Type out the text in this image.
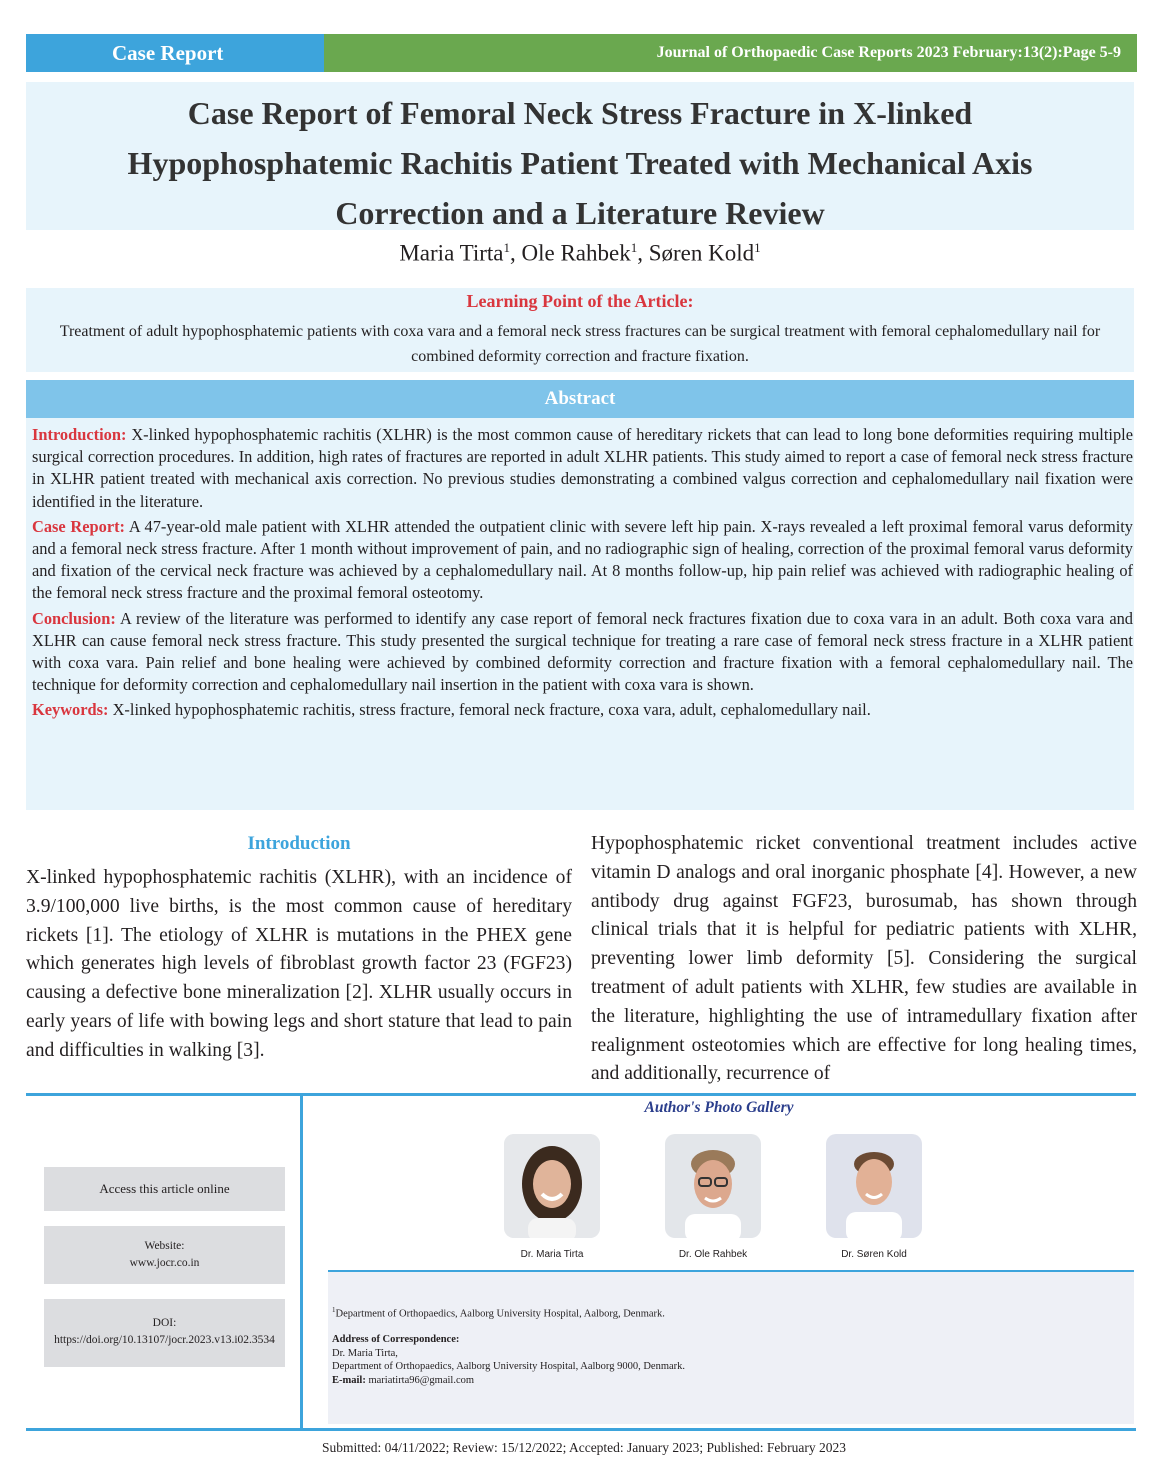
Case Report	Journal of Orthopaedic Case Reports 2023 February:13(2):Page 5-9
Case Report of Femoral Neck Stress Fracture in X-linked
Hypophosphatemic Rachitis Patient Treated with Mechanical Axis
Correction and a Literature Review
Maria Tirta$^1$, Ole Rahbek$^1$, Søren Kold$^1$
Learning Point of the Article:
Treatment of adult hypophosphatemic patients with coxa vara and a femoral neck stress fractures can be surgical treatment with femoral cephalomedullary nail for combined deformity correction and fracture fixation.
Abstract

Introduction: X-linked hypophosphatemic rachitis (XLHR) is the most common cause of hereditary rickets that can lead to long bone deformities requiring multiple surgical correction procedures. In addition, high rates of fractures are reported in adult XLHR patients. This study aimed to report a case of femoral neck stress fracture in XLHR patient treated with mechanical axis correction. No previous studies demonstrating a combined valgus correction and cephalomedullary nail fixation were identified in the literature.

Case Report: A 47-year-old male patient with XLHR attended the outpatient clinic with severe left hip pain. X-rays revealed a left proximal femoral varus deformity and a femoral neck stress fracture. After 1 month without improvement of pain, and no radiographic sign of healing, correction of the proximal femoral varus deformity and fixation of the cervical neck fracture was achieved by a cephalomedullary nail. At 8 months follow-up, hip pain relief was achieved with radiographic healing of the femoral neck stress fracture and the proximal femoral osteotomy.

Conclusion: A review of the literature was performed to identify any case report of femoral neck fractures fixation due to coxa vara in an adult. Both coxa vara and XLHR can cause femoral neck stress fracture. This study presented the surgical technique for treating a rare case of femoral neck stress fracture in a XLHR patient with coxa vara. Pain relief and bone healing were achieved by combined deformity correction and fracture fixation with a femoral cephalomedullary nail. The technique for deformity correction and cephalomedullary nail insertion in the patient with coxa vara is shown.

Keywords: X-linked hypophosphatemic rachitis, stress fracture, femoral neck fracture, coxa vara, adult, cephalomedullary nail.

Introduction
X-linked hypophosphatemic rachitis (XLHR), with an incidence of 3.9/100,000 live births, is the most common cause of hereditary rickets [1]. The etiology of XLHR is mutations in the PHEX gene which generates high levels of fibroblast growth factor 23 (FGF23) causing a defective bone mineralization [2]. XLHR usually occurs in early years of life with bowing legs and short stature that lead to pain and difficulties in walking [3].
Hypophosphatemic ricket conventional treatment includes active vitamin D analogs and oral inorganic phosphate [4]. However, a new antibody drug against FGF23, burosumab, has shown through clinical trials that it is helpful for pediatric patients with XLHR, preventing lower limb deformity [5]. Considering the surgical treatment of adult patients with XLHR, few studies are available in the literature, highlighting the use of intramedullary fixation after realignment osteotomies which are effective for long healing times, and additionally, recurrence of
Access this article online
Website:
www.jocr.co.in
DOI:
https://doi.org/10.13107/jocr.2023.v13.i02.3534
Author's Photo Gallery
Dr. Maria Tirta	Dr. Ole Rahbek	Dr. Søren Kold
$^1$Department of Orthopaedics, Aalborg University Hospital, Aalborg, Denmark.
Address of Correspondence:
Dr. Maria Tirta,
Department of Orthopaedics, Aalborg University Hospital, Aalborg 9000, Denmark.
E-mail: mariatirta96@gmail.com
Submitted: 04/11/2022; Review: 15/12/2022; Accepted: January 2023; Published: February 2023
